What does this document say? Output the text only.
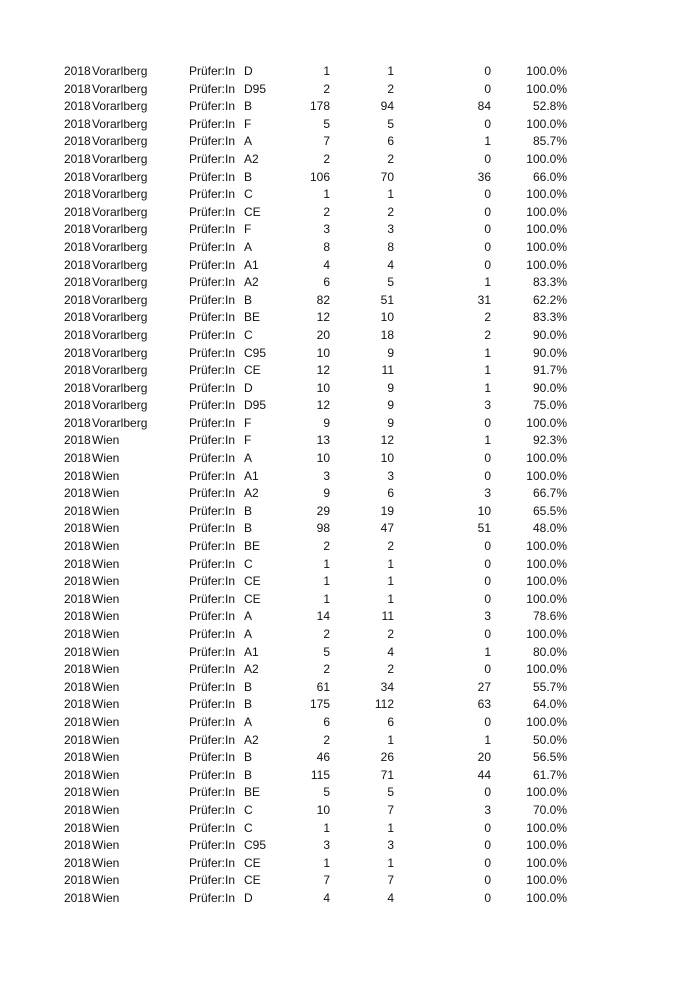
2018 Vorarlberg	Prüfer:In D	1	1	0	100.0%
2018 Vorarlberg	Prüfer:In D95	2	2	0	100.0%
2018 Vorarlberg	Prüfer:In B	178	94	84	52.8%
2018 Vorarlberg	Prüfer:In F	5	5	0	100.0%
2018 Vorarlberg	Prüfer:In A	7	6	1	85.7%
2018 Vorarlberg	Prüfer:In A2	2	2	0	100.0%
2018 Vorarlberg	Prüfer:In B	106	70	36	66.0%
2018 Vorarlberg	Prüfer:In C	1	1	0	100.0%
2018 Vorarlberg	Prüfer:In CE	2	2	0	100.0%
2018 Vorarlberg	Prüfer:In F	3	3	0	100.0%
2018 Vorarlberg	Prüfer:In A	8	8	0	100.0%
2018 Vorarlberg	Prüfer:In A1	4	4	0	100.0%
2018 Vorarlberg	Prüfer:In A2	6	5	1	83.3%
2018 Vorarlberg	Prüfer:In B	82	51	31	62.2%
2018 Vorarlberg	Prüfer:In BE	12	10	2	83.3%
2018 Vorarlberg	Prüfer:In C	20	18	2	90.0%
2018 Vorarlberg	Prüfer:In C95	10	9	1	90.0%
2018 Vorarlberg	Prüfer:In CE	12	11	1	91.7%
2018 Vorarlberg	Prüfer:In D	10	9	1	90.0%
2018 Vorarlberg	Prüfer:In D95	12	9	3	75.0%
2018 Vorarlberg	Prüfer:In F	9	9	0	100.0%
2018 Wien	Prüfer:In F	13	12	1	92.3%
2018 Wien	Prüfer:In A	10	10	0	100.0%
2018 Wien	Prüfer:In A1	3	3	0	100.0%
2018 Wien	Prüfer:In A2	9	6	3	66.7%
2018 Wien	Prüfer:In B	29	19	10	65.5%
2018 Wien	Prüfer:In B	98	47	51	48.0%
2018 Wien	Prüfer:In BE	2	2	0	100.0%
2018 Wien	Prüfer:In C	1	1	0	100.0%
2018 Wien	Prüfer:In CE	1	1	0	100.0%
2018 Wien	Prüfer:In CE	1	1	0	100.0%
2018 Wien	Prüfer:In A	14	11	3	78.6%
2018 Wien	Prüfer:In A	2	2	0	100.0%
2018 Wien	Prüfer:In A1	5	4	1	80.0%
2018 Wien	Prüfer:In A2	2	2	0	100.0%
2018 Wien	Prüfer:In B	61	34	27	55.7%
2018 Wien	Prüfer:In B	175	112	63	64.0%
2018 Wien	Prüfer:In A	6	6	0	100.0%
2018 Wien	Prüfer:In A2	2	1	1	50.0%
2018 Wien	Prüfer:In B	46	26	20	56.5%
2018 Wien	Prüfer:In B	115	71	44	61.7%
2018 Wien	Prüfer:In BE	5	5	0	100.0%
2018 Wien	Prüfer:In C	10	7	3	70.0%
2018 Wien	Prüfer:In C	1	1	0	100.0%
2018 Wien	Prüfer:In C95	3	3	0	100.0%
2018 Wien	Prüfer:In CE	1	1	0	100.0%
2018 Wien	Prüfer:In CE	7	7	0	100.0%
2018 Wien	Prüfer:In D	4	4	0	100.0%
